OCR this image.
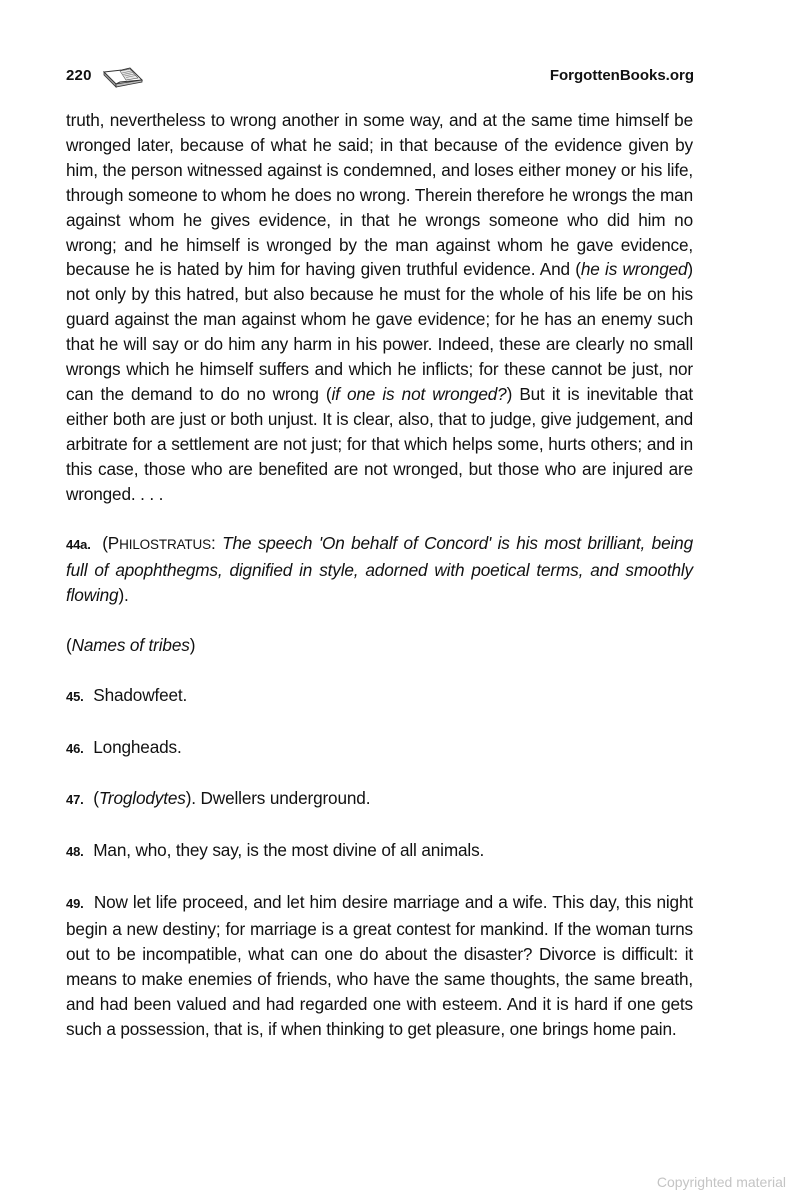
220	ForgottenBooks.org

truth, nevertheless to wrong another in some way, and at the same time himself be wronged later, because of what he said; in that because of the evidence given by him, the person witnessed against is condemned, and loses either money or his life, through someone to whom he does no wrong. Therein therefore he wrongs the man against whom he gives evidence, in that he wrongs someone who did him no wrong; and he himself is wronged by the man against whom he gave evidence, because he is hated by him for having given truthful evidence. And (he is wronged) not only by this hatred, but also because he must for the whole of his life be on his guard against the man against whom he gave evidence; for he has an enemy such that he will say or do him any harm in his power. Indeed, these are clearly no small wrongs which he himself suffers and which he inflicts; for these cannot be just, nor can the demand to do no wrong (if one is not wronged?) But it is inevitable that either both are just or both unjust. It is clear, also, that to judge, give judgement, and arbitrate for a settlement are not just; for that which helps some, hurts others; and in this case, those who are benefited are not wronged, but those who are injured are wronged. . . .

44a. (PHILOSTRATUS: The speech 'On behalf of Concord' is his most brilliant, being full of apophthegms, dignified in style, adorned with poetical terms, and smoothly flowing).

(Names of tribes)

45. Shadowfeet.

46. Longheads.

47. (Troglodytes). Dwellers underground.

48. Man, who, they say, is the most divine of all animals.

49. Now let life proceed, and let him desire marriage and a wife. This day, this night begin a new destiny; for marriage is a great contest for mankind. If the woman turns out to be incompatible, what can one do about the disaster? Divorce is difficult: it means to make enemies of friends, who have the same thoughts, the same breath, and had been valued and had regarded one with esteem. And it is hard if one gets such a possession, that is, if when thinking to get pleasure, one brings home pain.

Copyrighted material
